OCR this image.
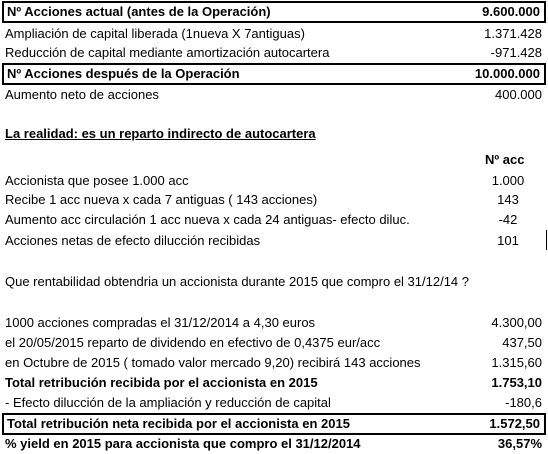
Nº Acciones actual (antes de la Operación)	9.600.000
Ampliación de capital liberada (1nueva X 7antiguas)	1.371.428
Reducción de capital mediante amortización autocartera	-971.428
Nº Acciones después de la Operación	10.000.000
Aumento neto de acciones	400.000
La realidad: es un reparto indirecto de autocartera
Nº acc
Accionista que posee 1.000 acc	1.000
Recibe 1 acc nueva x cada 7 antiguas ( 143 acciones)	143
Aumento acc circulación 1 acc nueva x cada 24 antiguas- efecto diluc.	-42
Acciones netas de efecto dilucción recibidas	101
Que rentabilidad obtendria un accionista durante 2015 que compro el 31/12/14 ?
1000 acciones compradas el 31/12/2014 a 4,30 euros	4.300,00
el 20/05/2015 reparto de dividendo en efectivo de 0,4375 eur/acc	437,50
en Octubre de 2015 ( tomado valor mercado 9,20) recibirá 143 acciones	1.315,60
Total retribución recibida por el accionista en 2015	1.753,10
- Efecto dilucción de la ampliación y reducción de capital	-180,6
Total retribución neta recibida por el accionista en 2015	1.572,50
% yield en 2015 para accionista que compro el 31/12/2014	36,57%
